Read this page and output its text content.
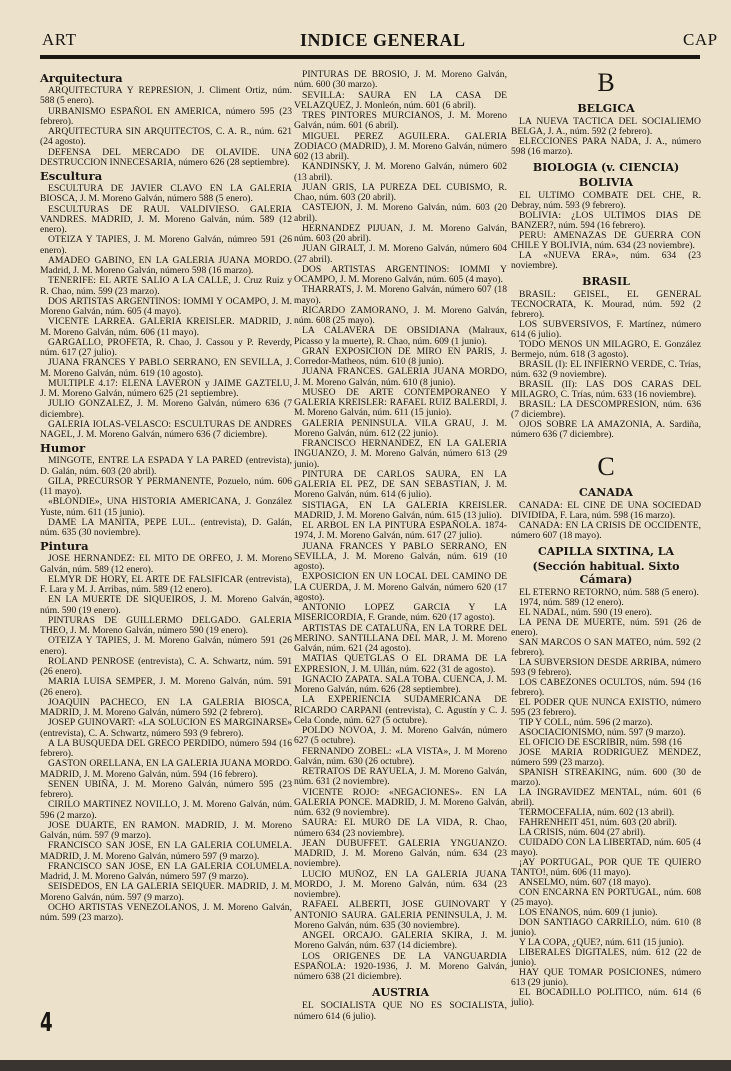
ART	INDICE GENERAL	CAP
Arquitectura
ARQUITECTURA Y REPRESION, J. Climent Ortiz, núm. 588 (5 enero).
URBANISMO ESPAÑOL EN AMERICA, número 595 (23 febrero).
ARQUITECTURA SIN ARQUITECTOS, C. A. R., núm. 621 (24 agosto).
DEFENSA DEL MERCADO DE OLAVIDE. UNA DESTRUCCION INNECESARIA, número 626 (28 septiembre).
Escultura
ESCULTURA DE JAVIER CLAVO EN LA GALERIA BIOSCA, J. M. Moreno Galván, número 588 (5 enero).
ESCULTURAS DE RAUL VALDIVIESO. GALERIA VANDRES. MADRID, J. M. Moreno Galván, núm. 589 (12 enero).
OTEIZA Y TAPIES, J. M. Moreno Galván, númreo 591 (26 enero).
AMADEO GABINO, EN LA GALERIA JUANA MORDO. Madrid, J. M. Moreno Galván, número 598 (16 marzo).
TENERIFE: EL ARTE SALIO A LA CALLE, J. Cruz Ruiz y R. Chao, núm. 599 (23 marzo).
DOS ARTISTAS ARGENTINOS: IOMMI Y OCAMPO, J. M. Moreno Galván, núm. 605 (4 mayo).
VICENTE LARREA. GALERIA KREISLER. MADRID, J. M. Moreno Galván, núm. 606 (11 mayo).
GARGALLO, PROFETA, R. Chao, J. Cassou y P. Reverdy, núm. 617 (27 julio).
JUANA FRANCES Y PABLO SERRANO, EN SEVILLA, J. M. Moreno Galván, núm. 619 (10 agosto).
MULTIPLE 4.17: ELENA LAVERON y JAIME GAZTELU, J. M. Moreno Galván, número 625 (21 septiembre).
JULIO GONZALEZ, J. M. Moreno Galván, número 636 (7 diciembre).
GALERIA IOLAS-VELASCO: ESCULTURAS DE ANDRES NAGEL, J. M. Moreno Galván, número 636 (7 diciembre).
Humor
MINGOTE, ENTRE LA ESPADA Y LA PARED (entrevista), D. Galán, núm. 603 (20 abril).
GILA, PRECURSOR Y PERMANENTE, Pozuelo, núm. 606 (11 mayo).
«BLONDIE», UNA HISTORIA AMERICANA, J. González Yuste, núm. 611 (15 junio).
DAME LA MANITA, PEPE LUI... (entrevista), D. Galán, núm. 635 (30 noviembre).
Pintura
JOSE HERNANDEZ: EL MITO DE ORFEO, J. M. Moreno Galván, núm. 589 (12 enero).
ELMYR DE HORY, EL ARTE DE FALSIFICAR (entrevista), F. Lara y M. J. Arribas, núm. 589 (12 enero).
EN LA MUERTE DE SIQUEIROS, J. M. Moreno Galván, núm. 590 (19 enero).
PINTURAS DE GUILLERMO DELGADO. GALERIA THEO, J. M. Moreno Galván, número 590 (19 enero).
OTEIZA Y TAPIES, J. M. Moreno Galván, número 591 (26 enero).
ROLAND PENROSE (entrevista), C. A. Schwartz, núm. 591 (26 enero).
MARIA LUISA SEMPER, J. M. Moreno Galván, núm. 591 (26 enero).
JOAQUIN PACHECO, EN LA GALERIA BIOSCA, MADRID, J. M. Moreno Galván, número 592 (2 febrero).
JOSEP GUINOVART: «LA SOLUCION ES MARGINARSE» (entrevista), C. A. Schwartz, número 593 (9 febrero).
A LA BUSQUEDA DEL GRECO PERDIDO, número 594 (16 febrero).
GASTON ORELLANA, EN LA GALERIA JUANA MORDO. MADRID, J. M. Moreno Galván, núm. 594 (16 febrero).
SENEN UBIÑA, J. M. Moreno Galván, número 595 (23 febrero).
CIRILO MARTINEZ NOVILLO, J. M. Moreno Galván, núm. 596 (2 marzo).
JOSE DUARTE, EN RAMON. MADRID, J. M. Moreno Galván, núm. 597 (9 marzo).
FRANCISCO SAN JOSE, EN LA GALERIA COLUMELA. MADRID, J. M. Moreno Galván, número 597 (9 marzo).
FRANCISCO SAN JOSE, EN LA GALERIA COLUMELA. Madrid, J. M. Moreno Galván, número 597 (9 marzo).
SEISDEDOS, EN LA GALERIA SEIQUER. MADRID, J. M. Moreno Galván, núm. 597 (9 marzo).
OCHO ARTISTAS VENEZOLANOS, J. M. Moreno Galván, núm. 599 (23 marzo).
PINTURAS DE BROSIO, J. M. Moreno Galván, núm. 600 (30 marzo).
SEVILLA: SAURA EN LA CASA DE VELAZQUEZ, J. Monleón, núm. 601 (6 abril).
TRES PINTORES MURCIANOS, J. M. Moreno Galván, núm. 601 (6 abril).
MIGUEL PEREZ AGUILERA. GALERIA ZODIACO (MADRID), J. M. Moreno Galván, número 602 (13 abril).
KANDINSKY, J. M. Moreno Galván, número 602 (13 abril).
JUAN GRIS, LA PUREZA DEL CUBISMO, R. Chao, núm. 603 (20 abril).
CASTEJON, J. M. Moreno Galván, núm. 603 (20 abril).
HERNANDEZ PIJUAN, J. M. Moreno Galván, núm. 603 (20 abril).
JUAN GIRALT, J. M. Moreno Galván, número 604 (27 abril).
DOS ARTISTAS ARGENTINOS: IOMMI Y OCAMPO, J. M. Moreno Galván, núm. 605 (4 mayo).
THARRATS, J. M. Moreno Galván, número 607 (18 mayo).
RICARDO ZAMORANO, J. M. Moreno Galván, núm. 608 (25 mayo).
LA CALAVERA DE OBSIDIANA (Malraux, Picasso y la muerte), R. Chao, núm. 609 (1 junio).
GRAN EXPOSICION DE MIRO EN PARIS, J. Corredor-Matheos, núm. 610 (8 junio).
JUANA FRANCES. GALERIA JUANA MORDO, J. M. Moreno Galván, núm. 610 (8 junio).
MUSEO DE ARTE CONTEMPORANEO Y GALERIA KREISLER: RAFAEL RUIZ BALERDI, J. M. Moreno Galván, núm. 611 (15 junio).
GALERIA PENINSULA. VILA GRAU, J. M. Moreno Galván, núm. 612 (22 junio).
FRANCISCO HERNANDEZ, EN LA GALERIA INGUANZO, J. M. Moreno Galván, número 613 (29 junio).
PINTURA DE CARLOS SAURA, EN LA GALERIA EL PEZ, DE SAN SEBASTIAN, J. M. Moreno Galván, núm. 614 (6 julio).
SISTIAGA, EN LA GALERIA KREISLER. MADRID, J. M. Moreno Galván, núm. 615 (13 julio).
EL ARBOL EN LA PINTURA ESPAÑOLA. 1874-1974, J. M. Moreno Galván, núm. 617 (27 julio).
JUANA FRANCES Y PABLO SERRANO, EN SEVILLA, J. M. Moreno Galván, núm. 619 (10 agosto).
EXPOSICION EN UN LOCAL DEL CAMINO DE LA CUERDA, J. M. Moreno Galván, número 620 (17 agosto).
ANTONIO LOPEZ GARCIA Y LA MISERICORDIA, F. Grande, núm. 620 (17 agosto).
ARTISTAS DE CATALUÑA, EN LA TORRE DEL MERINO. SANTILLANA DEL MAR, J. M. Moreno Galván, núm. 621 (24 agosto).
MATIAS QUETGLAS O EL DRAMA DE LA EXPRESION, J. M. Ullán, núm. 622 (31 de agosto).
IGNACIO ZAPATA. SALA TOBA. CUENCA, J. M. Moreno Galván, núm. 626 (28 septiembre).
LA EXPERIENCIA SUDAMERICANA DE RICARDO CARPANI (entrevista), C. Agustín y C. J. Cela Conde, núm. 627 (5 octubre).
POLDO NOVOA, J. M. Moreno Galván, número 627 (5 octubre).
FERNANDO ZOBEL: «LA VISTA», J. M Moreno Galván, núm. 630 (26 octubre).
RETRATOS DE RAYUELA, J. M. Moreno Galván, núm. 631 (2 noviembre).
VICENTE ROJO: «NEGACIONES». EN LA GALERIA PONCE. MADRID, J. M. Moreno Galván, núm. 632 (9 noviembre).
SAURA: EL MURO DE LA VIDA, R. Chao, número 634 (23 noviembre).
JEAN DUBUFFET. GALERIA YNGUANZO. MADRID, J. M. Moreno Galván, núm. 634 (23 noviembre).
LUCIO MUÑOZ, EN LA GALERIA JUANA MORDO, J. M. Moreno Galván, núm. 634 (23 noviembre).
RAFAEL ALBERTI, JOSE GUINOVART Y ANTONIO SAURA. GALERIA PENINSULA, J. M. Moreno Galván, núm. 635 (30 noviembre).
ANGEL ORCAJO. GALERIA SKIRA, J. M. Moreno Galván, núm. 637 (14 diciembre).
LOS ORIGENES DE LA VANGUARDIA ESPAÑOLA: 1920-1936, J. M. Moreno Galván, número 638 (21 diciembre).
AUSTRIA
EL SOCIALISTA QUE NO ES SOCIALISTA, número 614 (6 julio).
B
BELGICA
LA NUEVA TACTICA DEL SOCIALIEMO BELGA, J. A., núm. 592 (2 febrero).
ELECCIONES PARA NADA, J. A., número 598 (16 marzo).
BIOLOGIA (v. CIENCIA)
BOLIVIA
EL ULTIMO COMBATE DEL CHE, R. Debray, núm. 593 (9 febrero).
BOLIVIA: ¿LOS ULTIMOS DIAS DE BANZER?, núm. 594 (16 febrero).
PERU: AMENAZAS DE GUERRA CON CHILE Y BOLIVIA, núm. 634 (23 noviembre).
LA «NUEVA ERA», núm. 634 (23 noviembre).
BRASIL
BRASIL: GEISEL, EL GENERAL TECNOCRATA, K. Mourad, núm. 592 (2 febrero).
LOS SUBVERSIVOS, F. Martínez, número 614 (6 julio).
TODO MENOS UN MILAGRO, E. González Bermejo, núm. 618 (3 agosto).
BRASIL (I): EL INFIERNO VERDE, C. Trías, núm. 632 (9 noviembre).
BRASIL (II): LAS DOS CARAS DEL MILAGRO, C. Trías, núm. 633 (16 noviembre).
BRASIL: LA DESCOMPRESION, núm. 636 (7 diciembre).
OJOS SOBRE LA AMAZONIA, A. Sardiña, número 636 (7 diciembre).
C
CANADA
CANADA: EL CINE DE UNA SOCIEDAD DIVIDIDA, F. Lara, núm. 598 (16 marzo).
CANADA: EN LA CRISIS DE OCCIDENTE, número 607 (18 mayo).
CAPILLA SIXTINA, LA
(Sección habitual. Sixto Cámara)
EL ETERNO RETORNO, núm. 588 (5 enero).
1974, núm. 589 (12 enero).
EL NADAL, núm. 590 (19 enero).
LA PENA DE MUERTE, núm. 591 (26 de enero).
SAN MARCOS O SAN MATEO, núm. 592 (2 febrero).
LA SUBVERSION DESDE ARRIBA, número 593 (9 febrero).
LOS CABEZONES OCULTOS, núm. 594 (16 febrero).
EL PODER QUE NUNCA EXISTIO, número 595 (23 febrero).
TIP Y COLL, núm. 596 (2 marzo).
ASOCIACIONISMO, núm. 597 (9 marzo).
EL OFICIO DE ESCRIBIR, núm. 598 (16
JOSE MARIA RODRIGUEZ MENDEZ, número 599 (23 marzo).
SPANISH STREAKING, núm. 600 (30 de marzo).
LA INGRAVIDEZ MENTAL, núm. 601 (6 abril).
TERMOCEFALIA, núm. 602 (13 abril).
FAHRENHEIT 451, núm. 603 (20 abril).
LA CRISIS, núm. 604 (27 abril).
CUIDADO CON LA LIBERTAD, núm. 605 (4 mayo).
¡AY PORTUGAL, POR QUE TE QUIERO TANTO!, núm. 606 (11 mayo).
ANSELMO, núm. 607 (18 mayo).
CON ENCARNA EN PORTUGAL, núm. 608 (25 mayo).
LOS ENANOS, núm. 609 (1 junio).
DON SANTIAGO CARRILLO, núm. 610 (8 junio).
Y LA COPA, ¿QUE?, núm. 611 (15 junio).
LIBERALES DIGITALES, núm. 612 (22 de junio).
HAY QUE TOMAR POSICIONES, número 613 (29 junio).
EL BOCADILLO POLITICO, núm. 614 (6 julio).
4
